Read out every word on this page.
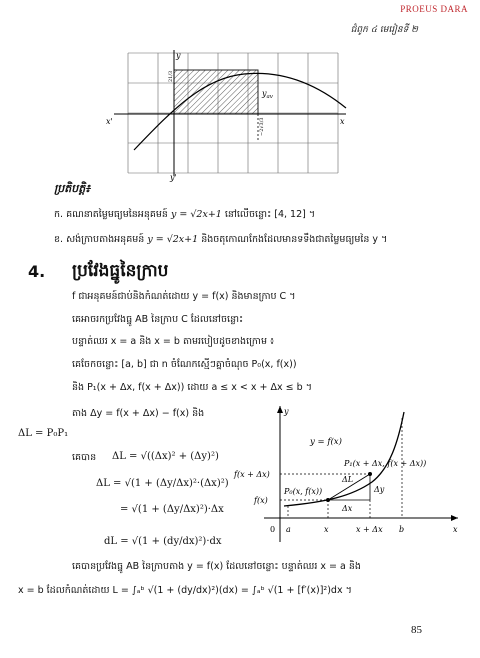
PROEUS DARA
ជំពូក ៤ មេរៀនទី ២
y
x
x'
y'
$y_{av}$
21/3
−2√3/3
ប្រតិបត្តិ៖
ក. គណនាតម្លៃមធ្យមនៃអនុគមន៍ y = √2x+1 នៅលើចន្លោះ [4, 12] ។
ខ. សង់ក្រាបតាងអនុគមន៍ y = √2x+1 និងចតុកោណកែងដែលមានទទឹងជាតម្លៃមធ្យមនៃ y ។
4. ប្រវែងធ្នូនៃក្រាប
f ជាអនុគមន៍ជាប់និងកំណត់ដោយ y = f(x) និងមានក្រាប C ។
គេអាចរកប្រវែងធ្នូ AB នៃក្រាប C ដែលនៅចន្លោះ
បន្ទាត់ឈរ x = a និង x = b តាមរបៀបដូចខាងក្រោម ៖
គេចែកចន្លោះ [a, b] ជា n ចំណែកស្មើៗគ្នាចំណុច P₀(x, f(x))
និង P₁(x + Δx, f(x + Δx)) ដោយ a ≤ x < x + Δx ≤ b ។
តាង Δy = f(x + Δx) − f(x) និង
ΔL = P₀P₁
គេបាន ΔL = √((Δx)² + (Δy)²)
ΔL = √(1 + (Δy/Δx)²·(Δx)²)
= √(1 + (Δy/Δx)²)·Δx
dL = √(1 + (dy/dx)²)·dx
y
x
0
y = f(x)
P₁(x + Δx, f(x + Δx))
P₀(x, f(x))
ΔL
Δy
Δx
f(x + Δx)
f(x)
a	x	x + Δx b
គេបានប្រវែងធ្នូ AB នៃក្រាបតាង y = f(x) ដែលនៅចន្លោះ បន្ទាត់ឈរ x = a និង
x = b ដែលកំណត់ដោយ L = ∫ₐᵇ √(1 + (dy/dx)²)(dx) = ∫ₐᵇ √(1 + [f′(x)]²)dx ។
85
